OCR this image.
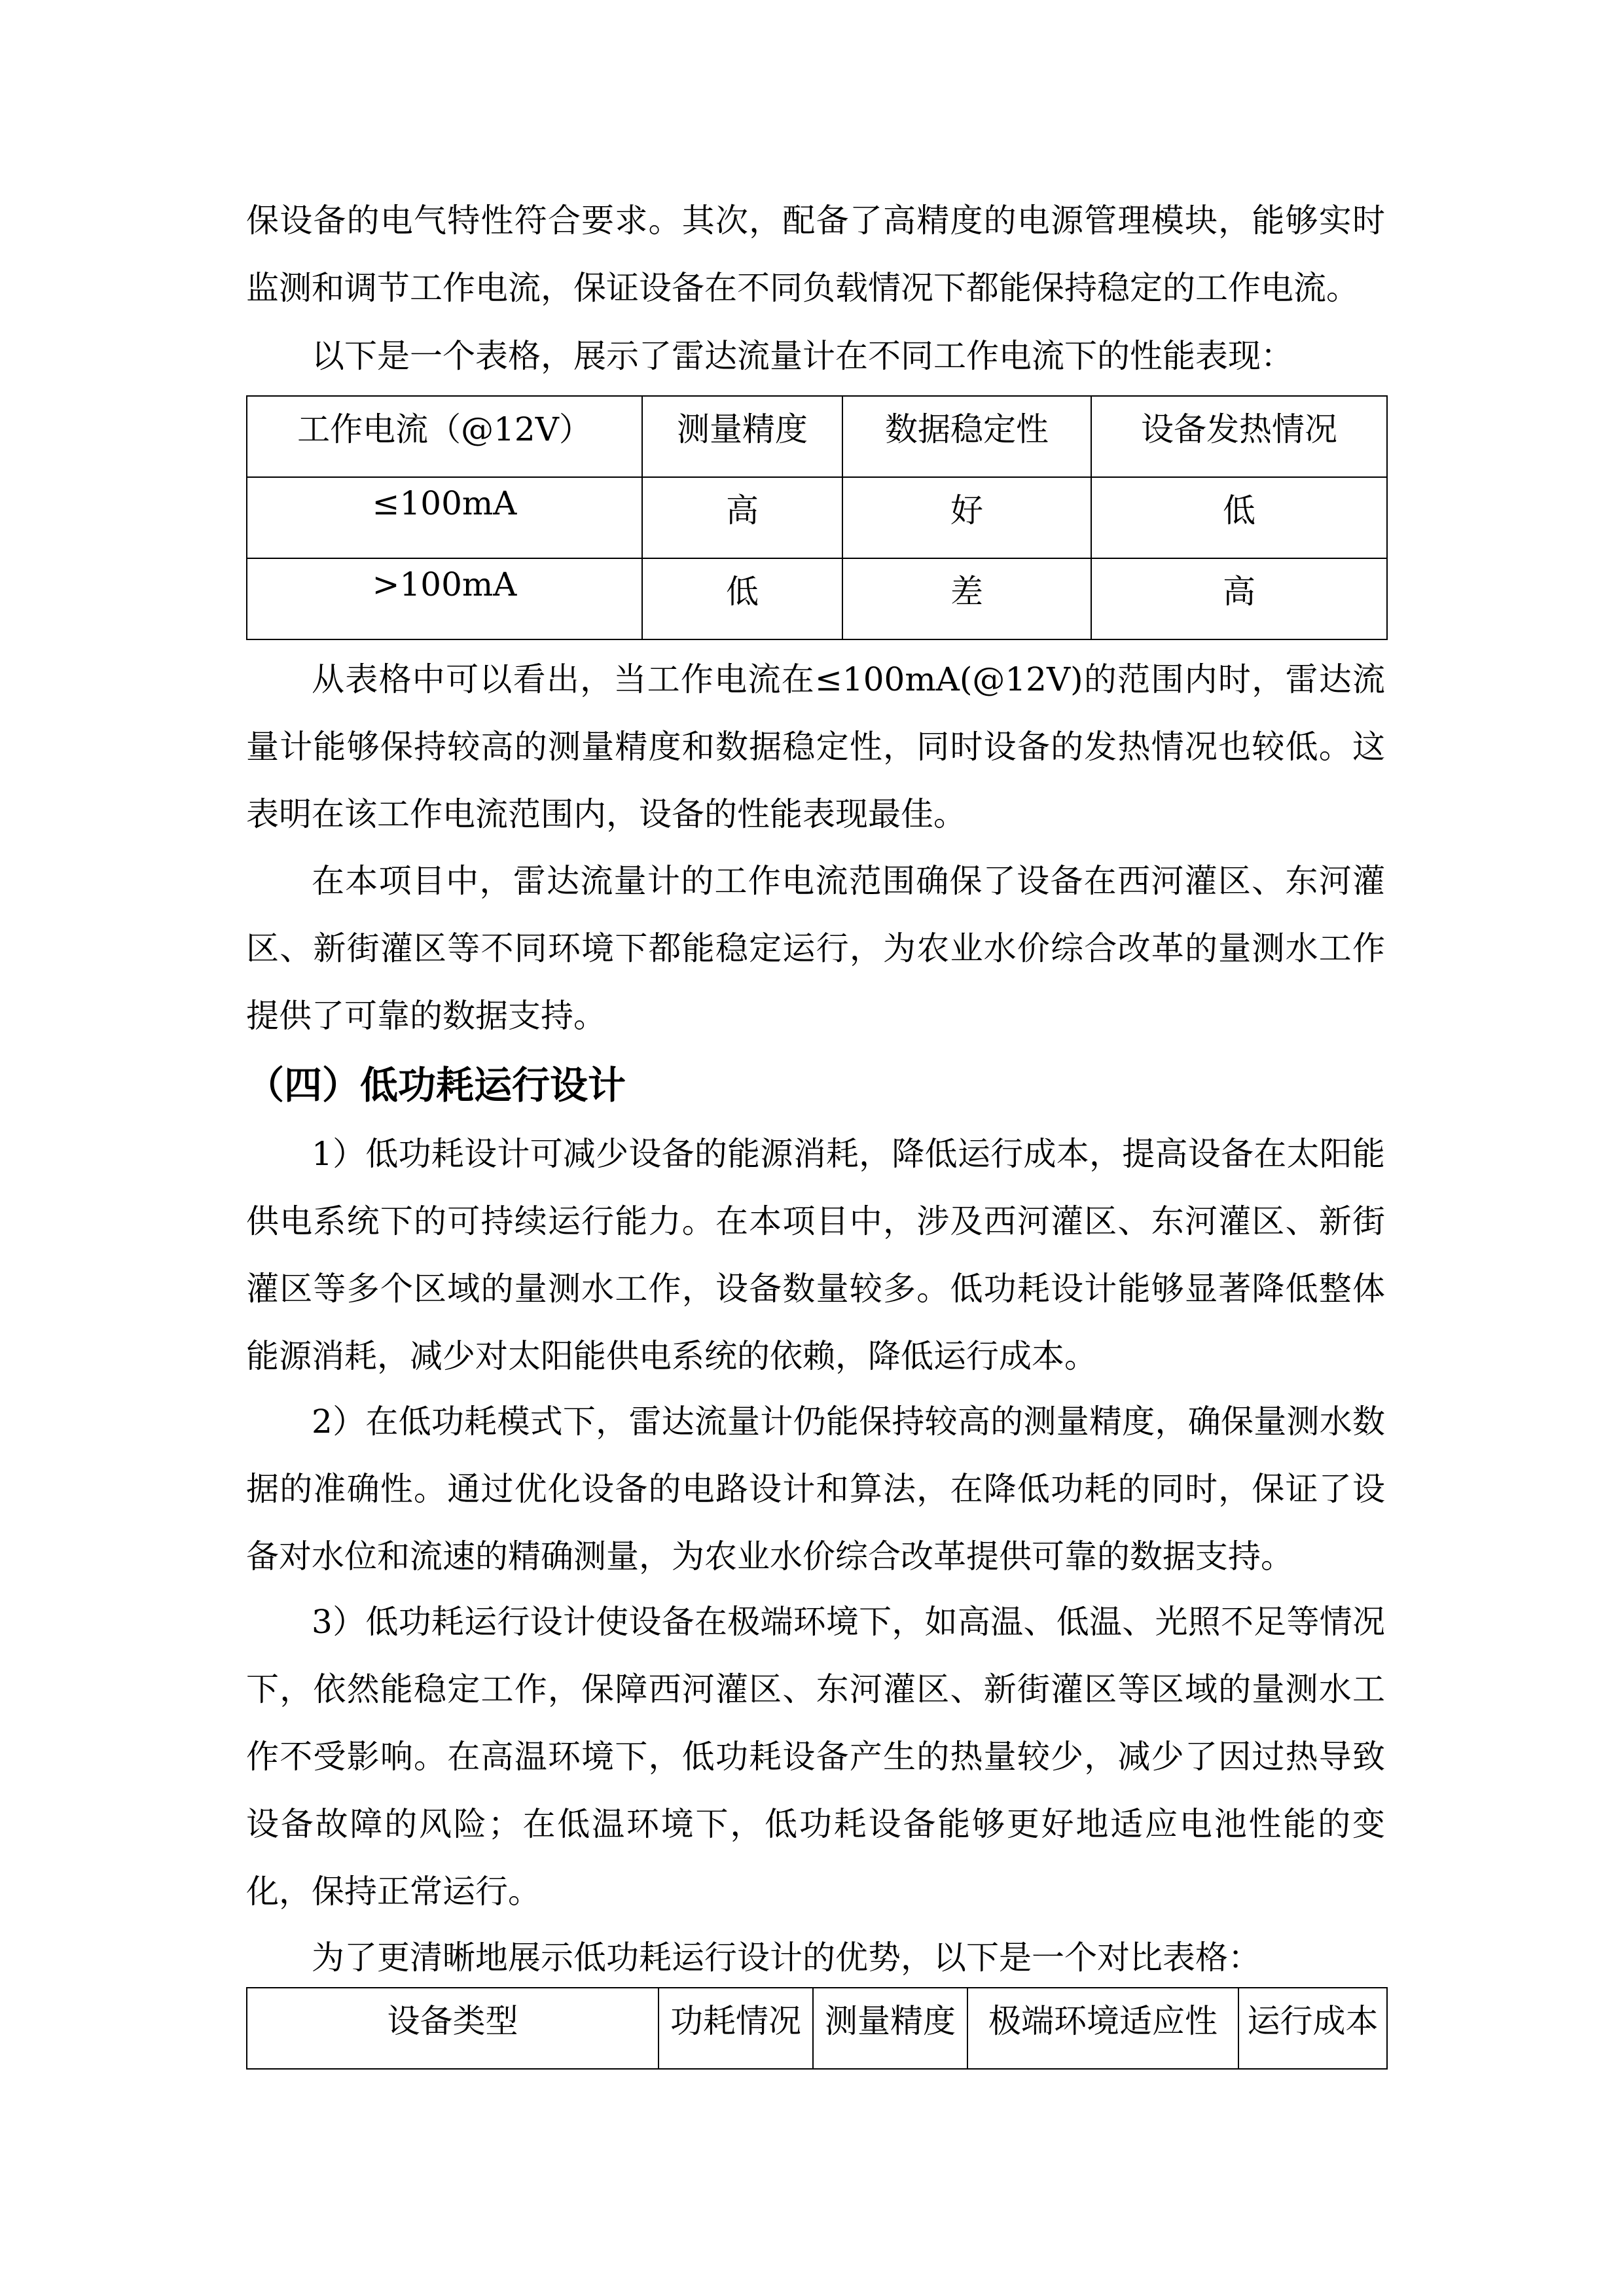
保设备的电气特性符合要求。其次，配备了高精度的电源管理模块，能够实时监测和调节工作电流，保证设备在不同负载情况下都能保持稳定的工作电流。

以下是一个表格，展示了雷达流量计在不同工作电流下的性能表现：

工作电流（@12V）	测量精度	数据稳定性	设备发热情况
≤100mA	高	好	低
>100mA	低	差	高

从表格中可以看出，当工作电流在≤100mA(@12V)的范围内时，雷达流量计能够保持较高的测量精度和数据稳定性，同时设备的发热情况也较低。这表明在该工作电流范围内，设备的性能表现最佳。

在本项目中，雷达流量计的工作电流范围确保了设备在西河灌区、东河灌区、新街灌区等不同环境下都能稳定运行，为农业水价综合改革的量测水工作提供了可靠的数据支持。

（四）低功耗运行设计

1）低功耗设计可减少设备的能源消耗，降低运行成本，提高设备在太阳能供电系统下的可持续运行能力。在本项目中，涉及西河灌区、东河灌区、新街灌区等多个区域的量测水工作，设备数量较多。低功耗设计能够显著降低整体能源消耗，减少对太阳能供电系统的依赖，降低运行成本。

2）在低功耗模式下，雷达流量计仍能保持较高的测量精度，确保量测水数据的准确性。通过优化设备的电路设计和算法，在降低功耗的同时，保证了设备对水位和流速的精确测量，为农业水价综合改革提供可靠的数据支持。

3）低功耗运行设计使设备在极端环境下，如高温、低温、光照不足等情况下，依然能稳定工作，保障西河灌区、东河灌区、新街灌区等区域的量测水工作不受影响。在高温环境下，低功耗设备产生的热量较少，减少了因过热导致设备故障的风险；在低温环境下，低功耗设备能够更好地适应电池性能的变化，保持正常运行。

为了更清晰地展示低功耗运行设计的优势，以下是一个对比表格：

设备类型	功耗情况	测量精度	极端环境适应性	运行成本
